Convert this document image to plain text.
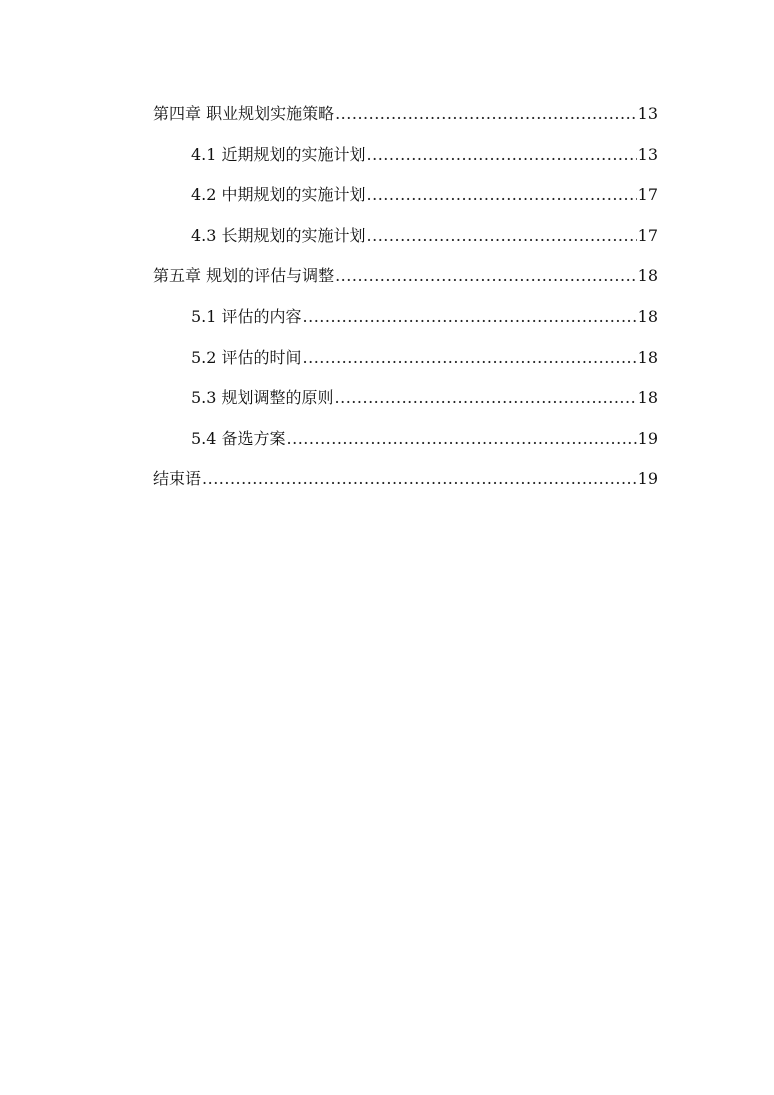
第四章 职业规划实施策略 .....	13
4.1 近期规划的实施计划 .....	13
4.2 中期规划的实施计划 .....	17
4.3 长期规划的实施计划 .....	17
第五章 规划的评估与调整 .....	18
5.1 评估的内容 .....	18
5.2 评估的时间 .....	18
5.3 规划调整的原则 .....	18
5.4 备选方案 .....	19
结束语 .....	19
